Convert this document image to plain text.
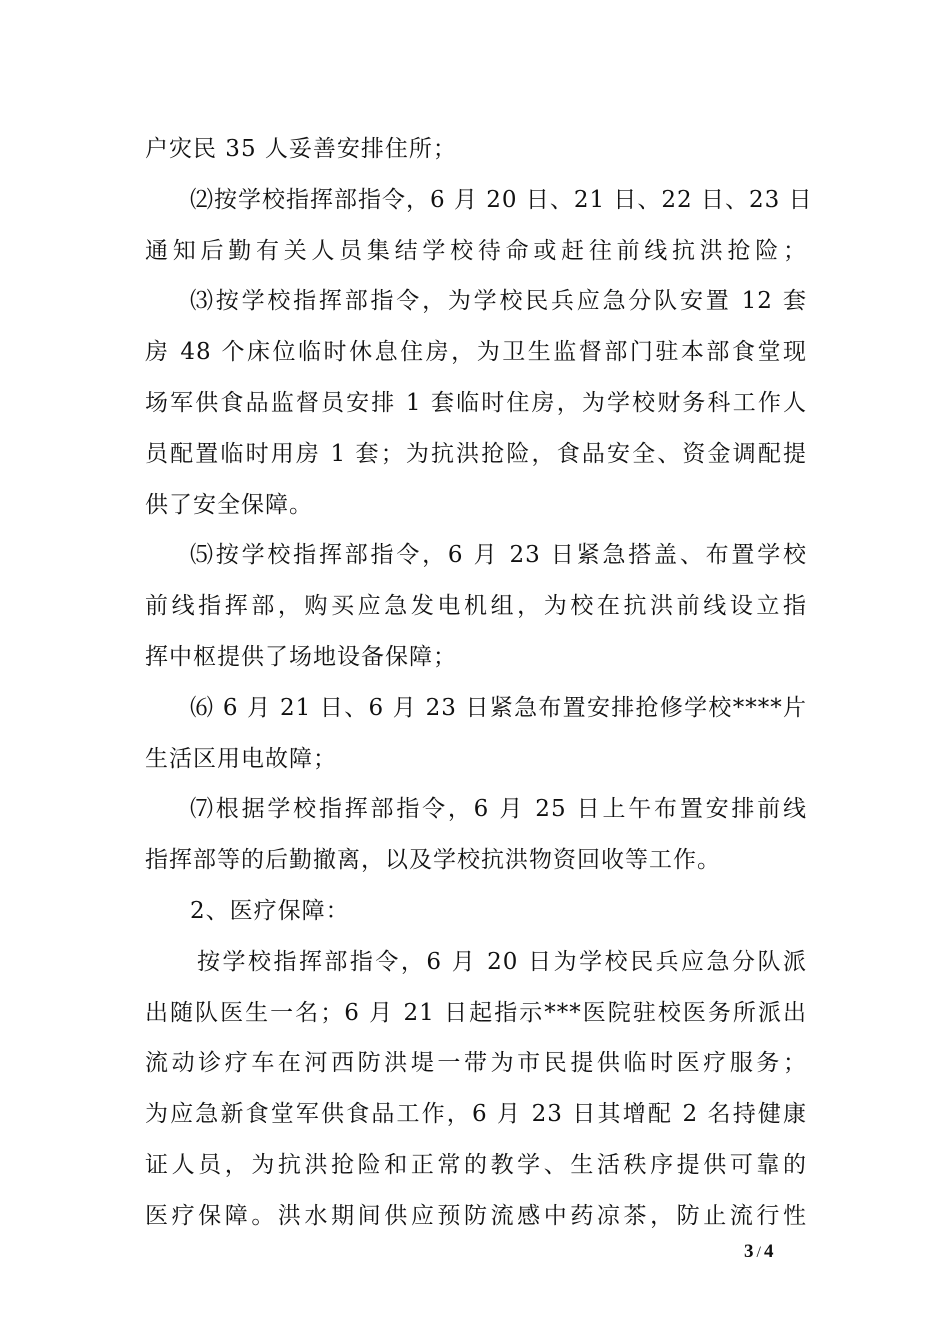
户灾民 35 人妥善安排住所；
⑵按学校指挥部指令，6 月 20 日、21 日、22 日、23 日
通知后勤有关人员集结学校待命或赶往前线抗洪抢险；
⑶按学校指挥部指令，为学校民兵应急分队安置 12 套
房 48 个床位临时休息住房，为卫生监督部门驻本部食堂现
场军供食品监督员安排 1 套临时住房，为学校财务科工作人
员配置临时用房 1 套；为抗洪抢险，食品安全、资金调配提
供了安全保障。
⑸按学校指挥部指令，6 月 23 日紧急搭盖、布置学校
前线指挥部，购买应急发电机组，为校在抗洪前线设立指
挥中枢提供了场地设备保障；
⑹ 6 月 21 日、6 月 23 日紧急布置安排抢修学校****片
生活区用电故障；
⑺根据学校指挥部指令，6 月 25 日上午布置安排前线
指挥部等的后勤撤离，以及学校抗洪物资回收等工作。
2、医疗保障：
按学校指挥部指令，6 月 20 日为学校民兵应急分队派
出随队医生一名；6 月 21 日起指示***医院驻校医务所派出
流动诊疗车在河西防洪堤一带为市民提供临时医疗服务；
为应急新食堂军供食品工作，6 月 23 日其增配 2 名持健康
证人员，为抗洪抢险和正常的教学、生活秩序提供可靠的
医疗保障。洪水期间供应预防流感中药凉茶，防止流行性
3 / 4
